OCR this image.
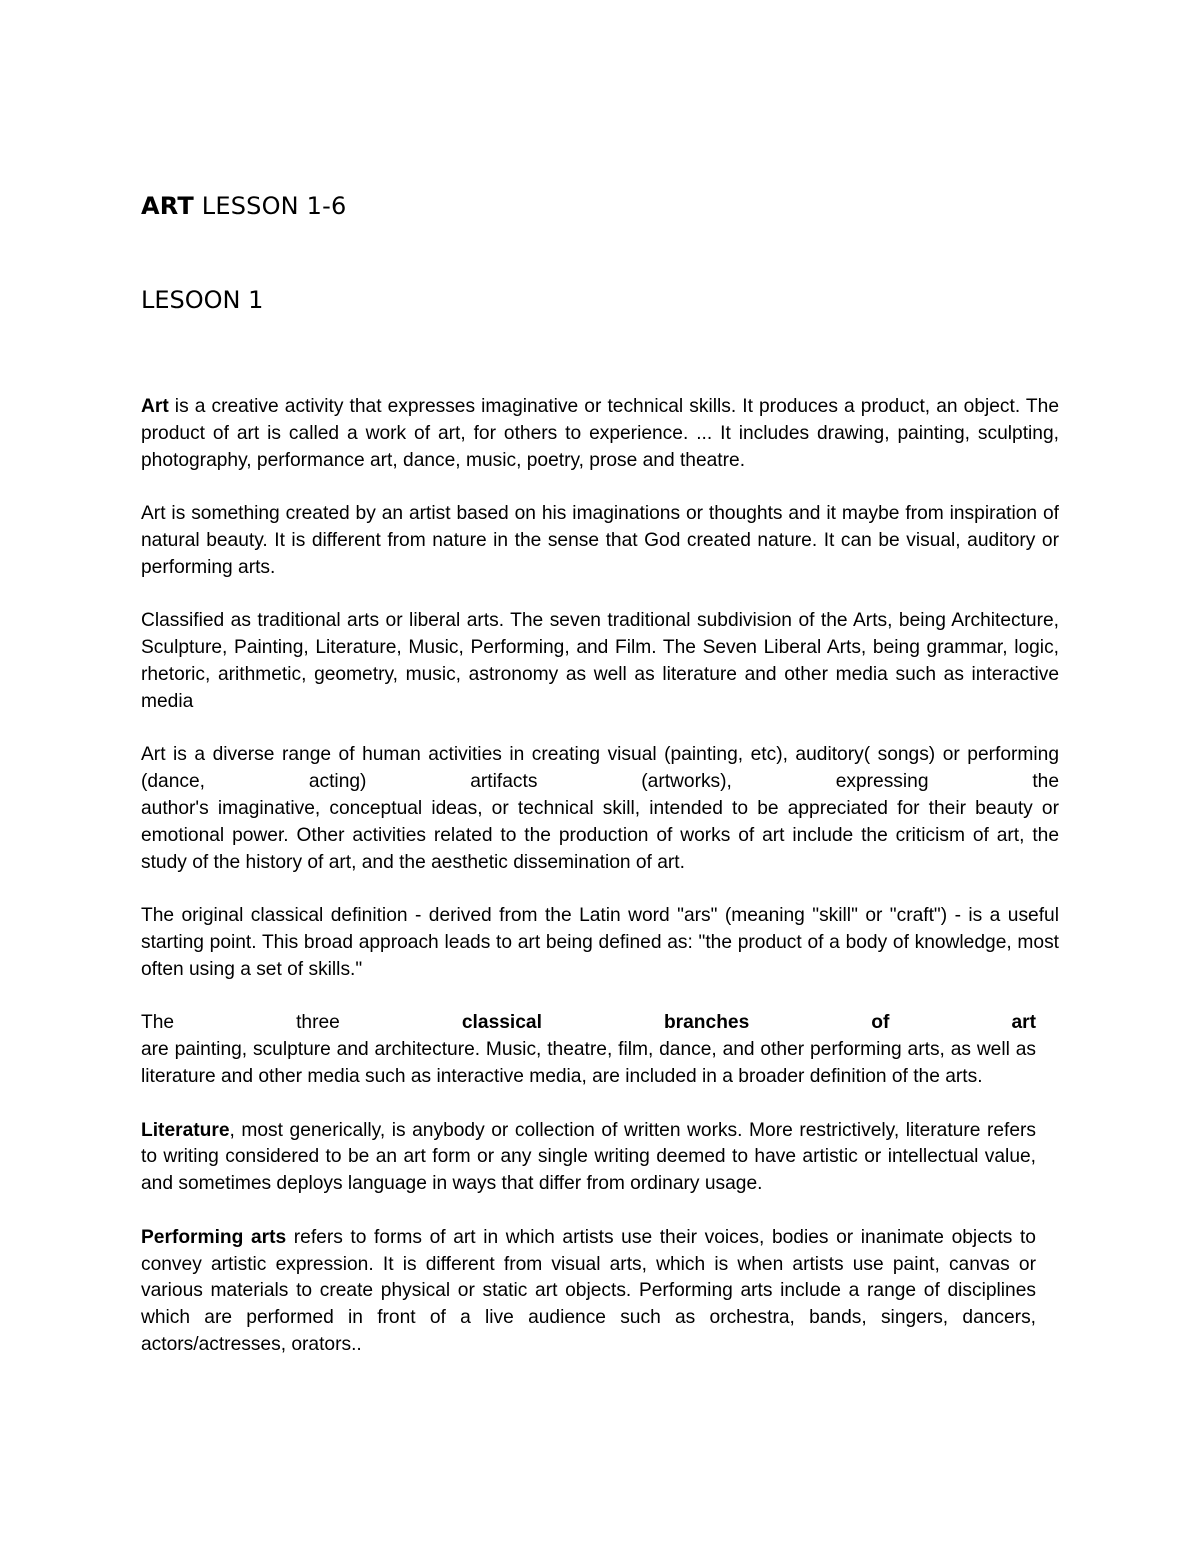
ART LESSON 1-6
LESOON 1

Art is a creative activity that expresses imaginative or technical skills. It produces a product, an object. The product of art is called a work of art, for others to experience. ... It includes drawing, painting, sculpting, photography, performance art, dance, music, poetry, prose and theatre.

Art is something created by an artist based on his imaginations or thoughts and it maybe from inspiration of natural beauty. It is different from nature in the sense that God created nature. It can be visual, auditory or performing arts.

Classified as traditional arts or liberal arts. The seven traditional subdivision of the Arts, being Architecture, Sculpture, Painting, Literature, Music, Performing, and Film. The Seven Liberal Arts, being grammar, logic, rhetoric, arithmetic, geometry, music, astronomy as well as literature and other media such as interactive media

Art is a diverse range of human activities in creating visual (painting, etc), auditory( songs) or performing (dance, acting) artifacts (artworks), expressing the
author's imaginative, conceptual ideas, or technical skill, intended to be appreciated for their beauty or emotional power. Other activities related to the production of works of art include the criticism of art, the study of the history of art, and the aesthetic dissemination of art.

The original classical definition - derived from the Latin word "ars" (meaning "skill" or "craft") - is a useful starting point. This broad approach leads to art being defined as: "the product of a body of knowledge, most often using a set of skills."

The three classical branches of art
are painting, sculpture and architecture. Music, theatre, film, dance, and other performing arts, as well as literature and other media such as interactive media, are included in a broader definition of the arts.

Literature, most generically, is anybody or collection of written works. More restrictively, literature refers to writing considered to be an art form or any single writing deemed to have artistic or intellectual value, and sometimes deploys language in ways that differ from ordinary usage.

Performing arts refers to forms of art in which artists use their voices, bodies or inanimate objects to convey artistic expression. It is different from visual arts, which is when artists use paint, canvas or various materials to create physical or static art objects. Performing arts include a range of disciplines which are performed in front of a live audience such as orchestra, bands, singers, dancers, actors/actresses, orators..
